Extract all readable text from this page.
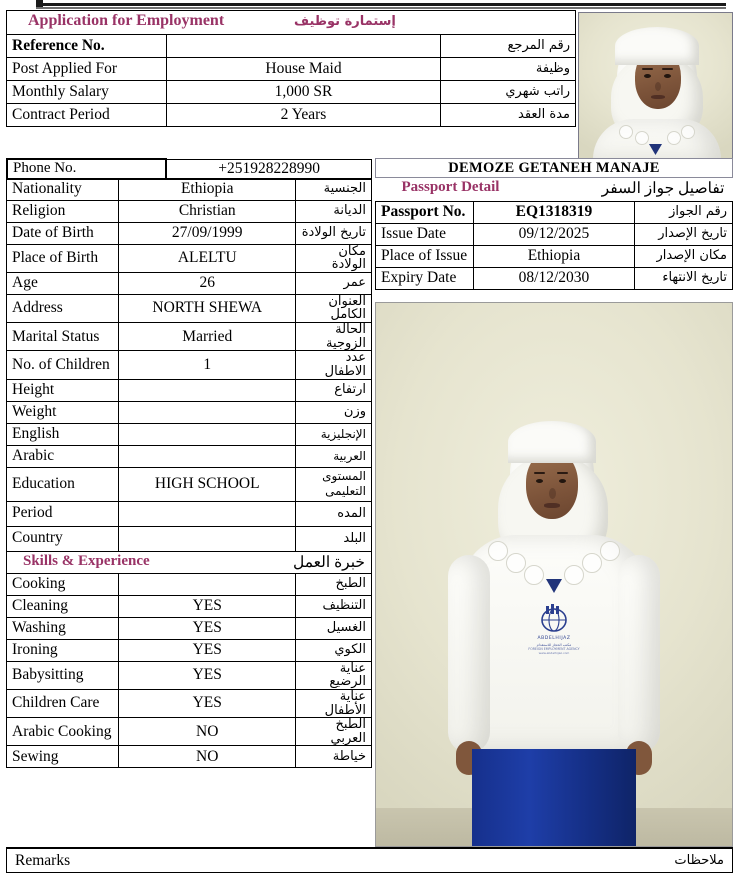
Application for Employment إستمارة توظيف		

Reference No.		رقم المرجع
Post Applied For	House Maid	وظيفة
Monthly Salary	1,000 SR	راتب شهري
Contract Period	2 Years	مدة العقد
DEMOZE GETANEH MANAJE
Phone No.	+251928228990

Nationality	Ethiopia	الجنسية
Religion	Christian	الديانة
Date of Birth	27/09/1999	تاريخ الولادة
Place of Birth	ALELTU	مكان الولادة
Age	26	عمر
Address	NORTH SHEWA	العنوان الكامل
Marital Status	Married	الحالة الزوجية
No. of Children	1	عدد الاطفال
Height		ارتفاع
Weight		وزن

English		الإنجليزية
Arabic		العربية
Education	HIGH SCHOOL	المستوى التعليمى

Period		المده
Country		البلد

Skills & Experience خبرة العمل		

Cooking		الطبخ
Cleaning	YES	التنظيف
Washing	YES	الغسيل
Ironing	YES	الكوي
Babysitting	YES	عناية الرضيع
Children Care	YES	عناية الأطفال
Arabic Cooking	NO	الطبخ العربي
Sewing	NO	خياطة
Passport Detail تفاصيل جواز السفر		

Passport No.	EQ1318319	رقم الجواز
Issue Date	09/12/2025	تاريخ الإصدار
Place of Issue	Ethiopia	مكان الإصدار
Expiry Date	08/12/2030	تاريخ الانتهاء
ABDELHIJAZ
مكتب الحجاز للاستقدام
FOREIGN EMPLOYMENT AGENCY
www.abdelhijaz.com
Remarks	ملاحظات
